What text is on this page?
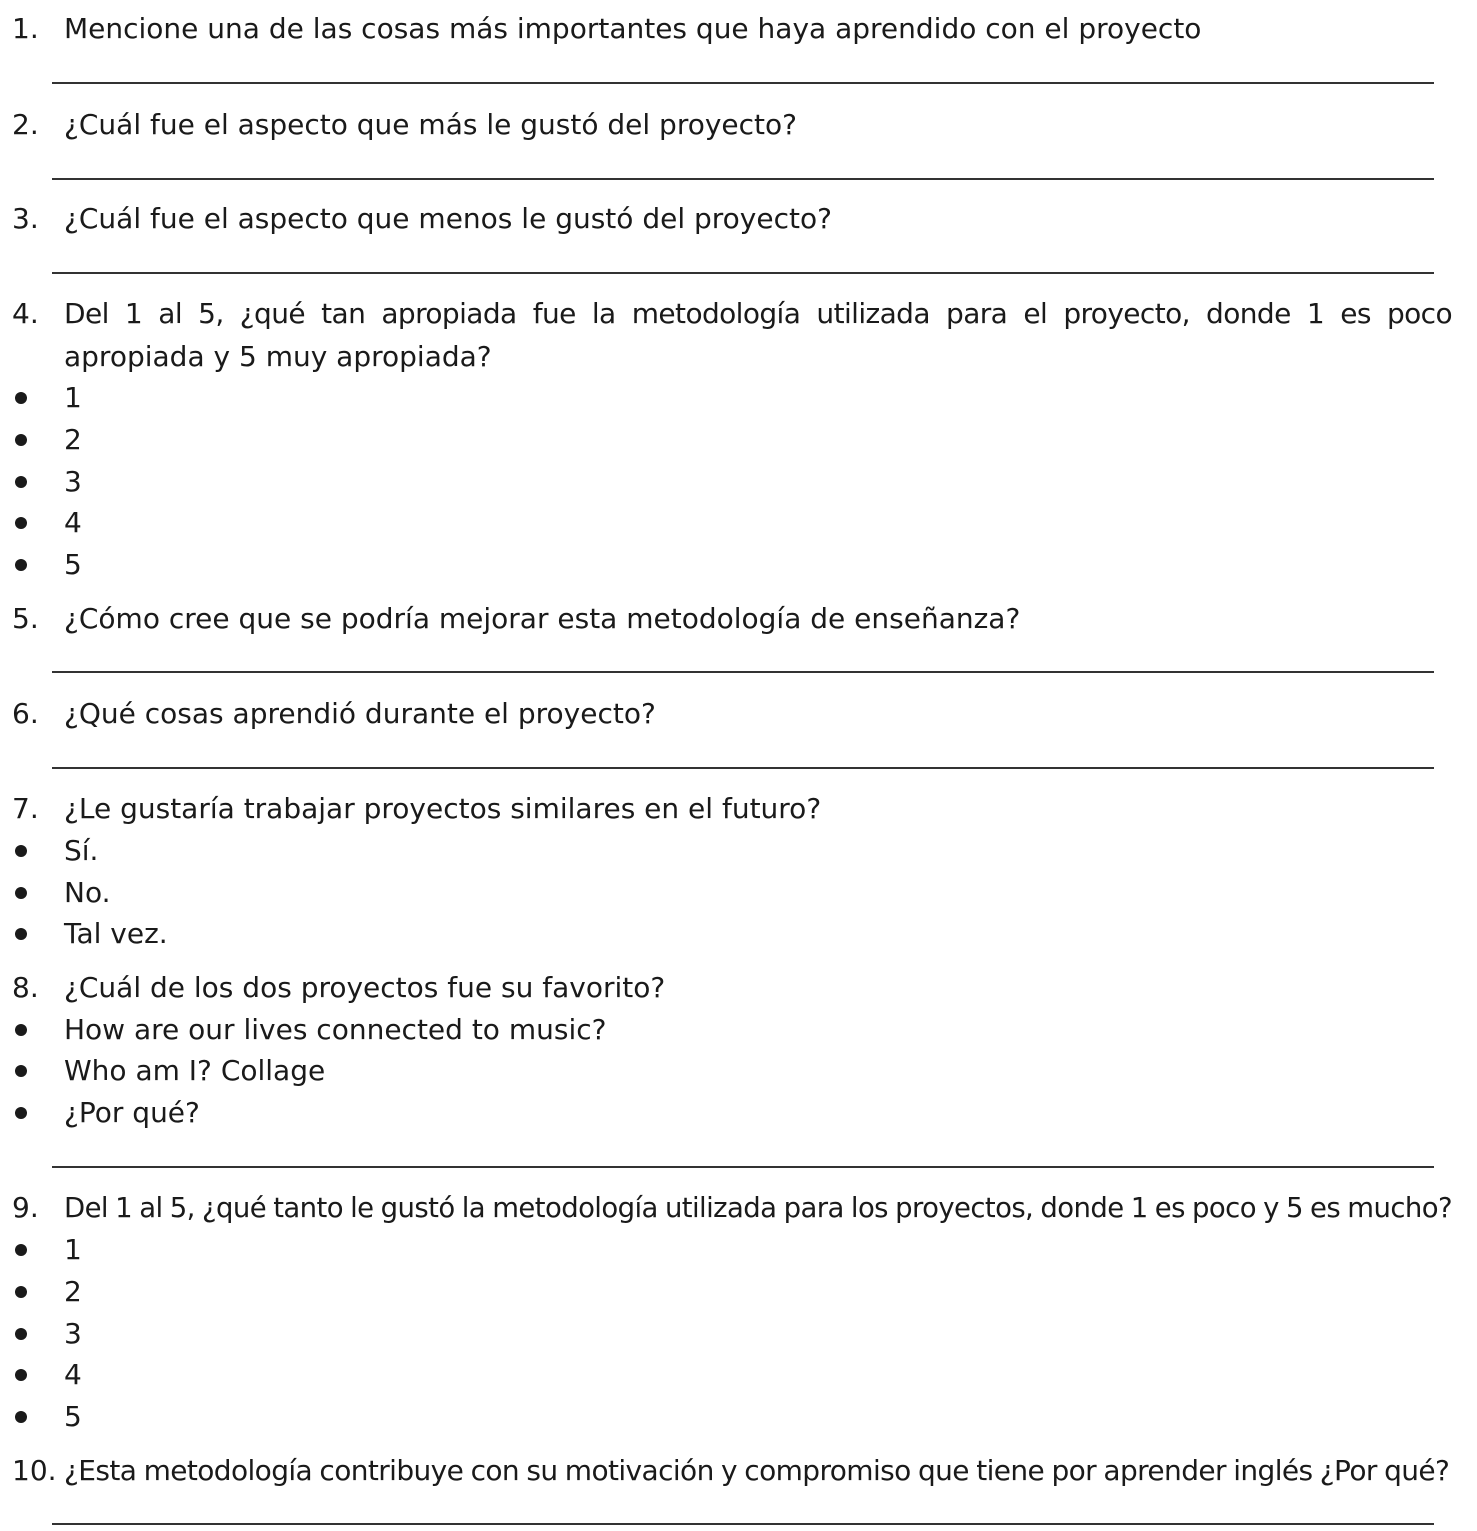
1. Mencione una de las cosas más importantes que haya aprendido con el proyecto
2. ¿Cuál fue el aspecto que más le gustó del proyecto?
3. ¿Cuál fue el aspecto que menos le gustó del proyecto?
4. Del 1 al 5, ¿qué tan apropiada fue la metodología utilizada para el proyecto, donde 1 es poco
apropiada y 5 muy apropiada?
1
2
3
4
5
5. ¿Cómo cree que se podría mejorar esta metodología de enseñanza?
6. ¿Qué cosas aprendió durante el proyecto?
7. ¿Le gustaría trabajar proyectos similares en el futuro?
Sí.
No.
Tal vez.
8. ¿Cuál de los dos proyectos fue su favorito?
How are our lives connected to music?
Who am I? Collage
¿Por qué?
9. Del 1 al 5, ¿qué tanto le gustó la metodología utilizada para los proyectos, donde 1 es poco y 5 es mucho?
1
2
3
4
5
10. ¿Esta metodología contribuye con su motivación y compromiso que tiene por aprender inglés ¿Por qué?
